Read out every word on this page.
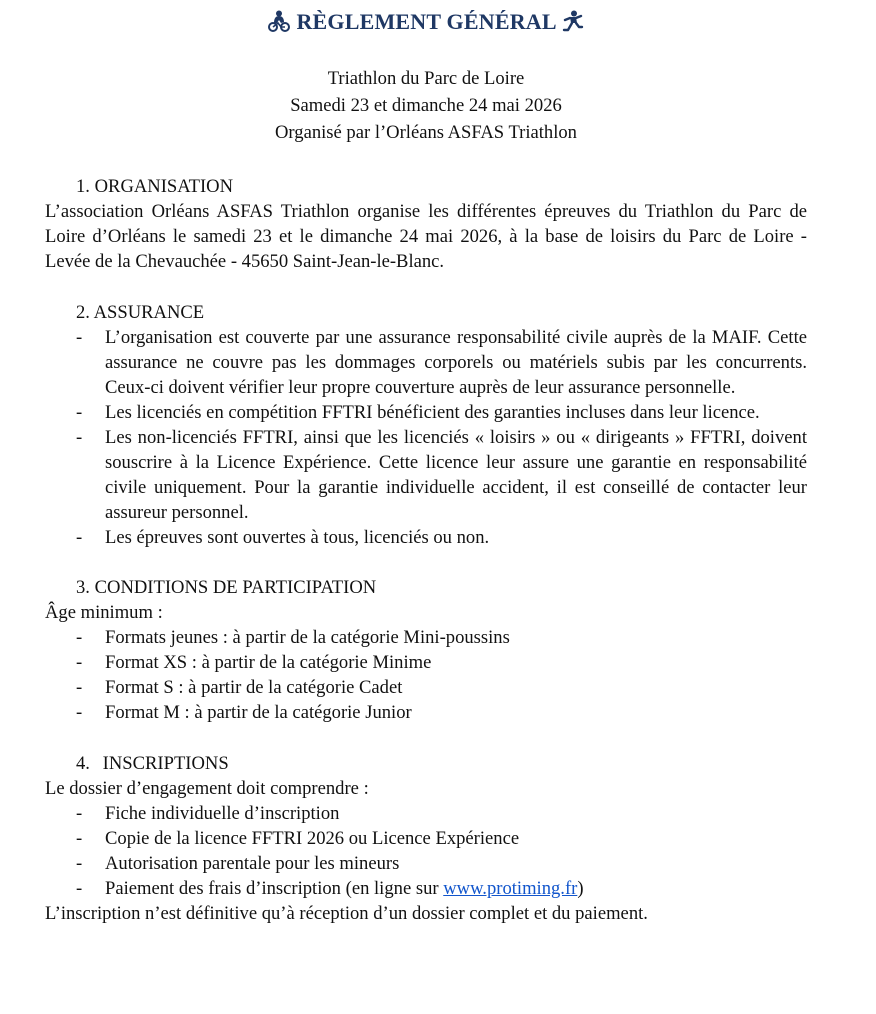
RÈGLEMENT GÉNÉRAL
Triathlon du Parc de Loire
Samedi 23 et dimanche 24 mai 2026
Organisé par l’Orléans ASFAS Triathlon
1. ORGANISATION
L’association Orléans ASFAS Triathlon organise les différentes épreuves du Triathlon du Parc de Loire d’Orléans le samedi 23 et le dimanche 24 mai 2026, à la base de loisirs du Parc de Loire - Levée de la Chevauchée - 45650 Saint-Jean-le-Blanc.
2. ASSURANCE
- L’organisation est couverte par une assurance responsabilité civile auprès de la MAIF. Cette assurance ne couvre pas les dommages corporels ou matériels subis par les concurrents. Ceux-ci doivent vérifier leur propre couverture auprès de leur assurance personnelle.
- Les licenciés en compétition FFTRI bénéficient des garanties incluses dans leur licence.
- Les non-licenciés FFTRI, ainsi que les licenciés « loisirs » ou « dirigeants » FFTRI, doivent souscrire à la Licence Expérience. Cette licence leur assure une garantie en responsabilité civile uniquement. Pour la garantie individuelle accident, il est conseillé de contacter leur assureur personnel.
- Les épreuves sont ouvertes à tous, licenciés ou non.
3. CONDITIONS DE PARTICIPATION
Âge minimum :
- Formats jeunes : à partir de la catégorie Mini-poussins
- Format XS : à partir de la catégorie Minime
- Format S : à partir de la catégorie Cadet
- Format M : à partir de la catégorie Junior
4. INSCRIPTIONS
Le dossier d’engagement doit comprendre :
- Fiche individuelle d’inscription
- Copie de la licence FFTRI 2026 ou Licence Expérience
- Autorisation parentale pour les mineurs
- Paiement des frais d’inscription (en ligne sur www.protiming.fr)
L’inscription n’est définitive qu’à réception d’un dossier complet et du paiement.
